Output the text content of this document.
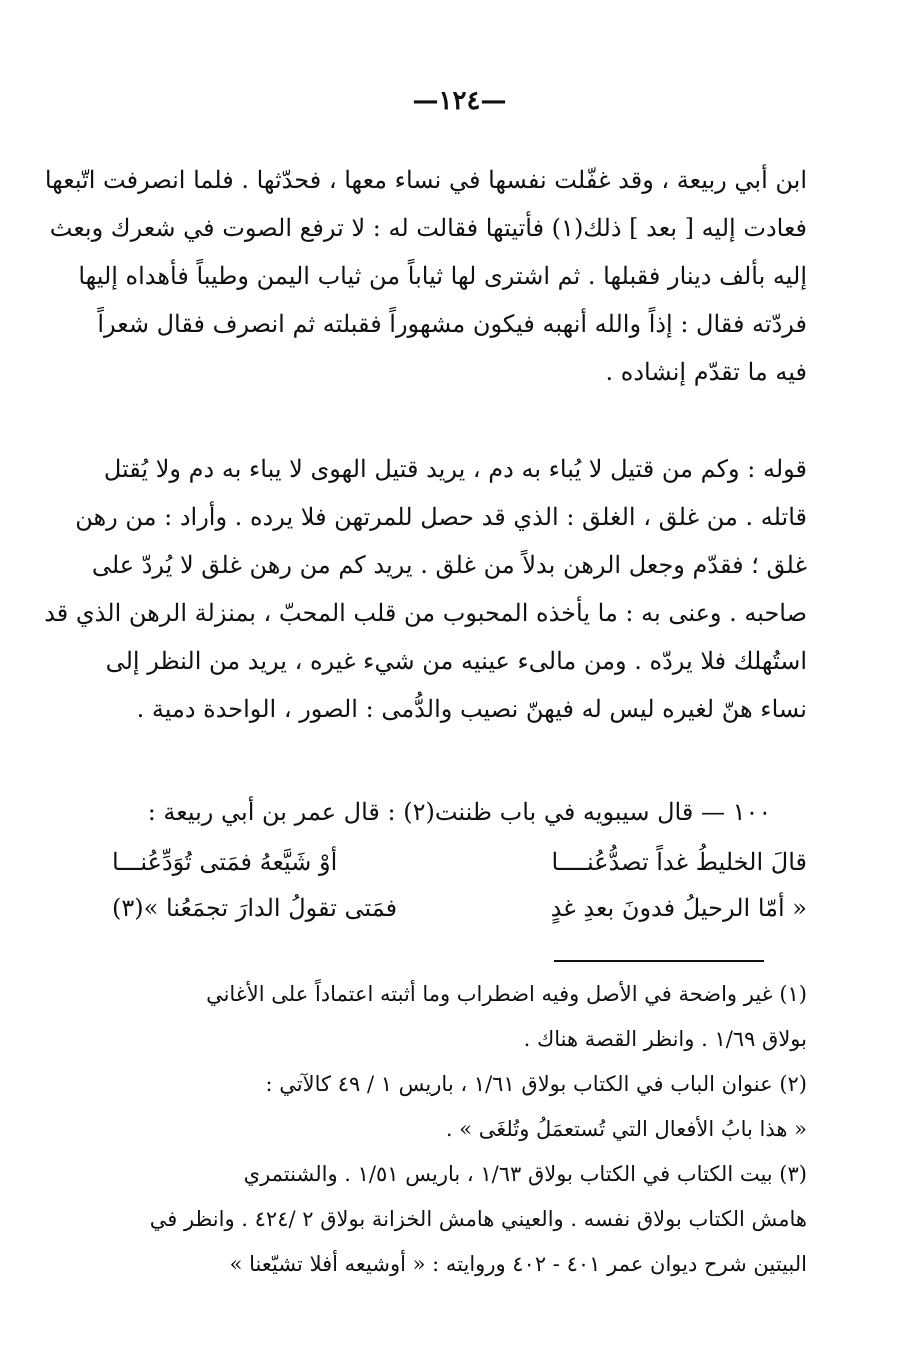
—١٢٤—
ابن أبي ربيعة ، وقد غفّلت نفسها في نساء معها ، فحدّثها . فلما انصرفت اتّبعها
فعادت إليه [ بعد ] ذلك(١) فأتيتها فقالت له : لا ترفع الصوت في شعرك وبعث
إليه بألف دينار فقبلها . ثم اشترى لها ثياباً من ثياب اليمن وطيباً فأهداه إليها
فردّته فقال : إذاً والله أنهبه فيكون مشهوراً فقبلته ثم انصرف فقال شعراً
فيه ما تقدّم إنشاده .
قوله : وكم من قتيل لا يُباء به دم ، يريد قتيل الهوى لا يباء به دم ولا يُقتل
قاتله . من غلق ، الغلق : الذي قد حصل للمرتهن فلا يرده . وأراد : من رهن
غلق ؛ فقدّم وجعل الرهن بدلاً من غلق . يريد كم من رهن غلق لا يُردّ على
صاحبه . وعنى به : ما يأخذه المحبوب من قلب المحبّ ، بمنزلة الرهن الذي قد
استُهلك فلا يردّه . ومن مالىء عينيه من شيء غيره ، يريد من النظر إلى
نساء هنّ لغيره ليس له فيهنّ نصيب والدُّمى : الصور ، الواحدة دمية .
١٠٠ — قال سيبويه في باب ظننت(٢) : قال عمر بن أبي ربيعة :
قالَ الخليطُ غداً تصدُّعُنــــا
أوْ شَيَّعهُ فمَتى تُوَدِّعُنـــا
« أمّا الرحيلُ فدونَ بعدِ غدٍ
فمَتى تقولُ الدارَ تجمَعُنا »(٣)
(١) غير واضحة في الأصل وفيه اضطراب وما أثبته اعتماداً على الأغاني
بولاق ١/٦٩ . وانظر القصة هناك .
(٢) عنوان الباب في الكتاب بولاق ١/٦١ ، باريس ١ / ٤٩ كالآتي :
« هذا بابُ الأفعال التي تُستعمَلُ وتُلغَى » .
(٣) بيت الكتاب في الكتاب بولاق ١/٦٣ ، باريس ١/٥١ . والشنتمري
هامش الكتاب بولاق نفسه . والعيني هامش الخزانة بولاق ٢ /٤٢٤ . وانظر في
البيتين شرح ديوان عمر ٤٠١ - ٤٠٢ وروايته : « أوشيعه أفلا تشيّعنا »
